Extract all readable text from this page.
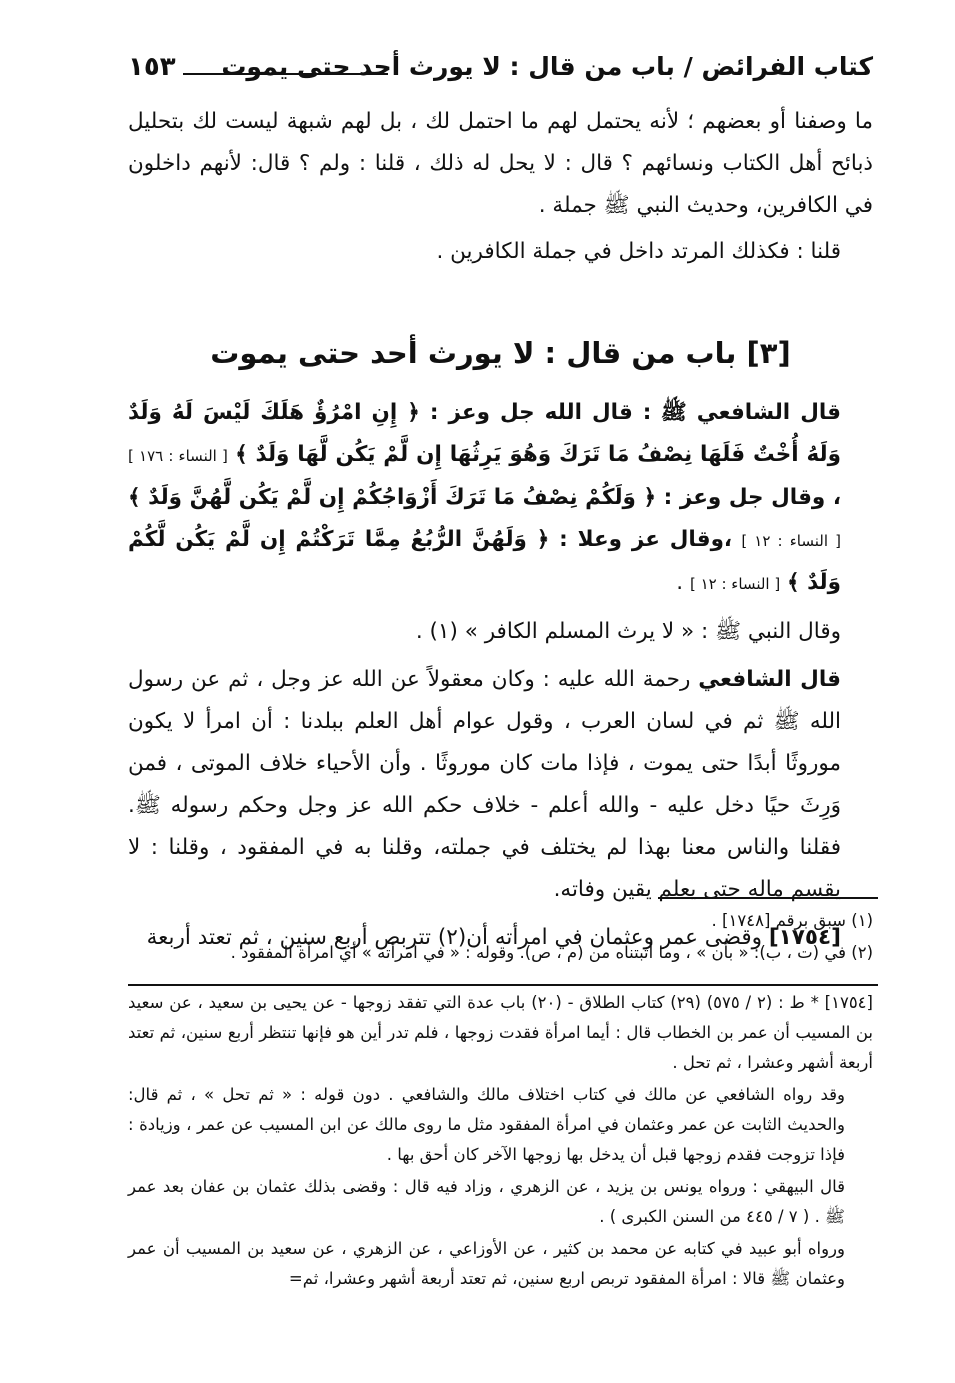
كتاب الفرائض / باب من قال : لا يورث أحد حتى يموت
١٥٣

ما وصفنا أو بعضهم ؛ لأنه يحتمل لهم ما احتمل لك ، بل لهم شبهة ليست لك بتحليل ذبائح أهل الكتاب ونسائهم ؟ قال : لا يحل له ذلك ، قلنا : ولم ؟ قال: لأنهم داخلون في الكافرين، وحديث النبي ﷺ جملة .

قلنا : فكذلك المرتد داخل في جملة الكافرين .

[٣] باب من قال : لا يورث أحد حتى يموت

قال الشافعي ﷺ : قال الله جل وعز : ﴿ إِنِ امْرُؤٌ هَلَكَ لَيْسَ لَهُ وَلَدٌ وَلَهُ أُخْتٌ فَلَهَا نِصْفُ مَا تَرَكَ وَهُوَ يَرِثُهَا إِن لَّمْ يَكُن لَّهَا وَلَدٌ ﴾ [ النساء : ١٧٦ ] ، وقال جل وعز : ﴿ وَلَكُمْ نِصْفُ مَا تَرَكَ أَزْوَاجُكُمْ إِن لَّمْ يَكُن لَّهُنَّ وَلَدٌ ﴾ [ النساء : ١٢ ] ،وقال عز وعلا : ﴿ وَلَهُنَّ الرُّبُعُ مِمَّا تَرَكْتُمْ إِن لَّمْ يَكُن لَّكُمْ وَلَدٌ ﴾ [ النساء : ١٢ ] .

وقال النبي ﷺ : « لا يرث المسلم الكافر » (١) .

قال الشافعي رحمة الله عليه : وكان معقولاً عن الله عز وجل ، ثم عن رسول الله ﷺ ثم في لسان العرب ، وقول عوام أهل العلم ببلدنا : أن امرأ لا يكون موروثًا أبدًا حتى يموت ، فإذا مات كان موروثًا . وأن الأحياء خلاف الموتى ، فمن وَرِثَ حيًا دخل عليه - والله أعلم - خلاف حكم الله عز وجل وحكم رسوله ﷺ. فقلنا والناس معنا بهذا لم يختلف في جملته، وقلنا به في المفقود ، وقلنا : لا يقسم ماله حتى يعلم يقين وفاته.

[١٧٥٤] وقضى عمر وعثمان في امرأته أن(٢) تتربص أربع سنين ، ثم تعتد أربعة

(١) سبق برقم [١٧٤٨] .

(٢) في (ت ، ب): « بأن » ، وما أثبتناه من (م ، ص). وقوله : « في امرأته » أي امرأة المفقود .

[١٧٥٤] * ط : (٢ / ٥٧٥) (٢٩) كتاب الطلاق - (٢٠) باب عدة التي تفقد زوجها - عن يحيى بن سعيد ، عن سعيد بن المسيب أن عمر بن الخطاب قال : أيما امرأة فقدت زوجها ، فلم تدر أين هو فإنها تنتظر أربع سنين، ثم تعتد أربعة أشهر وعشرا ، ثم تحل .

وقد رواه الشافعي عن مالك في كتاب اختلاف مالك والشافعي . دون قوله : « ثم تحل » ، ثم قال: والحديث الثابت عن عمر وعثمان في امرأة المفقود مثل ما روى مالك عن ابن المسيب عن عمر ، وزيادة : فإذا تزوجت فقدم زوجها قبل أن يدخل بها زوجها الآخر كان أحق بها .

قال البيهقي : ورواه يونس بن يزيد ، عن الزهري ، وزاد فيه قال : وقضى بذلك عثمان بن عفان بعد عمر ﷺ . ( ٧ / ٤٤٥ من السنن الكبرى ) .

ورواه أبو عبيد في كتابه عن محمد بن كثير ، عن الأوزاعي ، عن الزهري ، عن سعيد بن المسيب أن عمر وعثمان ﷺ قالا : امرأة المفقود تربص اربع سنين، ثم تعتد أربعة أشهر وعشرا، ثم=
